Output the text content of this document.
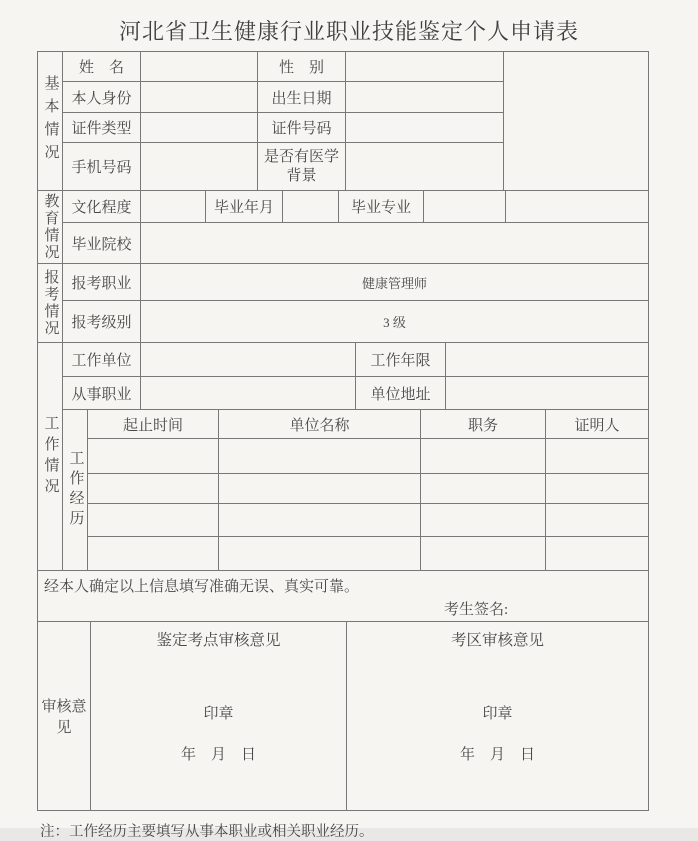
河北省卫生健康行业职业技能鉴定个人申请表
基本情况	姓　名		性　别		
	本人身份		出生日期		
	证件类型		证件号码		
	手机号码		是否有医学背景		
教育情况	文化程度		毕业年月		毕业专业		
	毕业院校						
报考情况	报考职业	健康管理师
	报考级别	3 级
工作情况	工作单位				工作年限			
	从事职业				单位地址			

	工作经历	起止时间		单位名称		职务		证明人

经本人确定以上信息填写准确无误、真实可靠。
考生签名:
审核意见	
鉴定考点审核意见
印章
年　月　日

考区审核意见
印章
年　月　日
注：工作经历主要填写从事本职业或相关职业经历。
